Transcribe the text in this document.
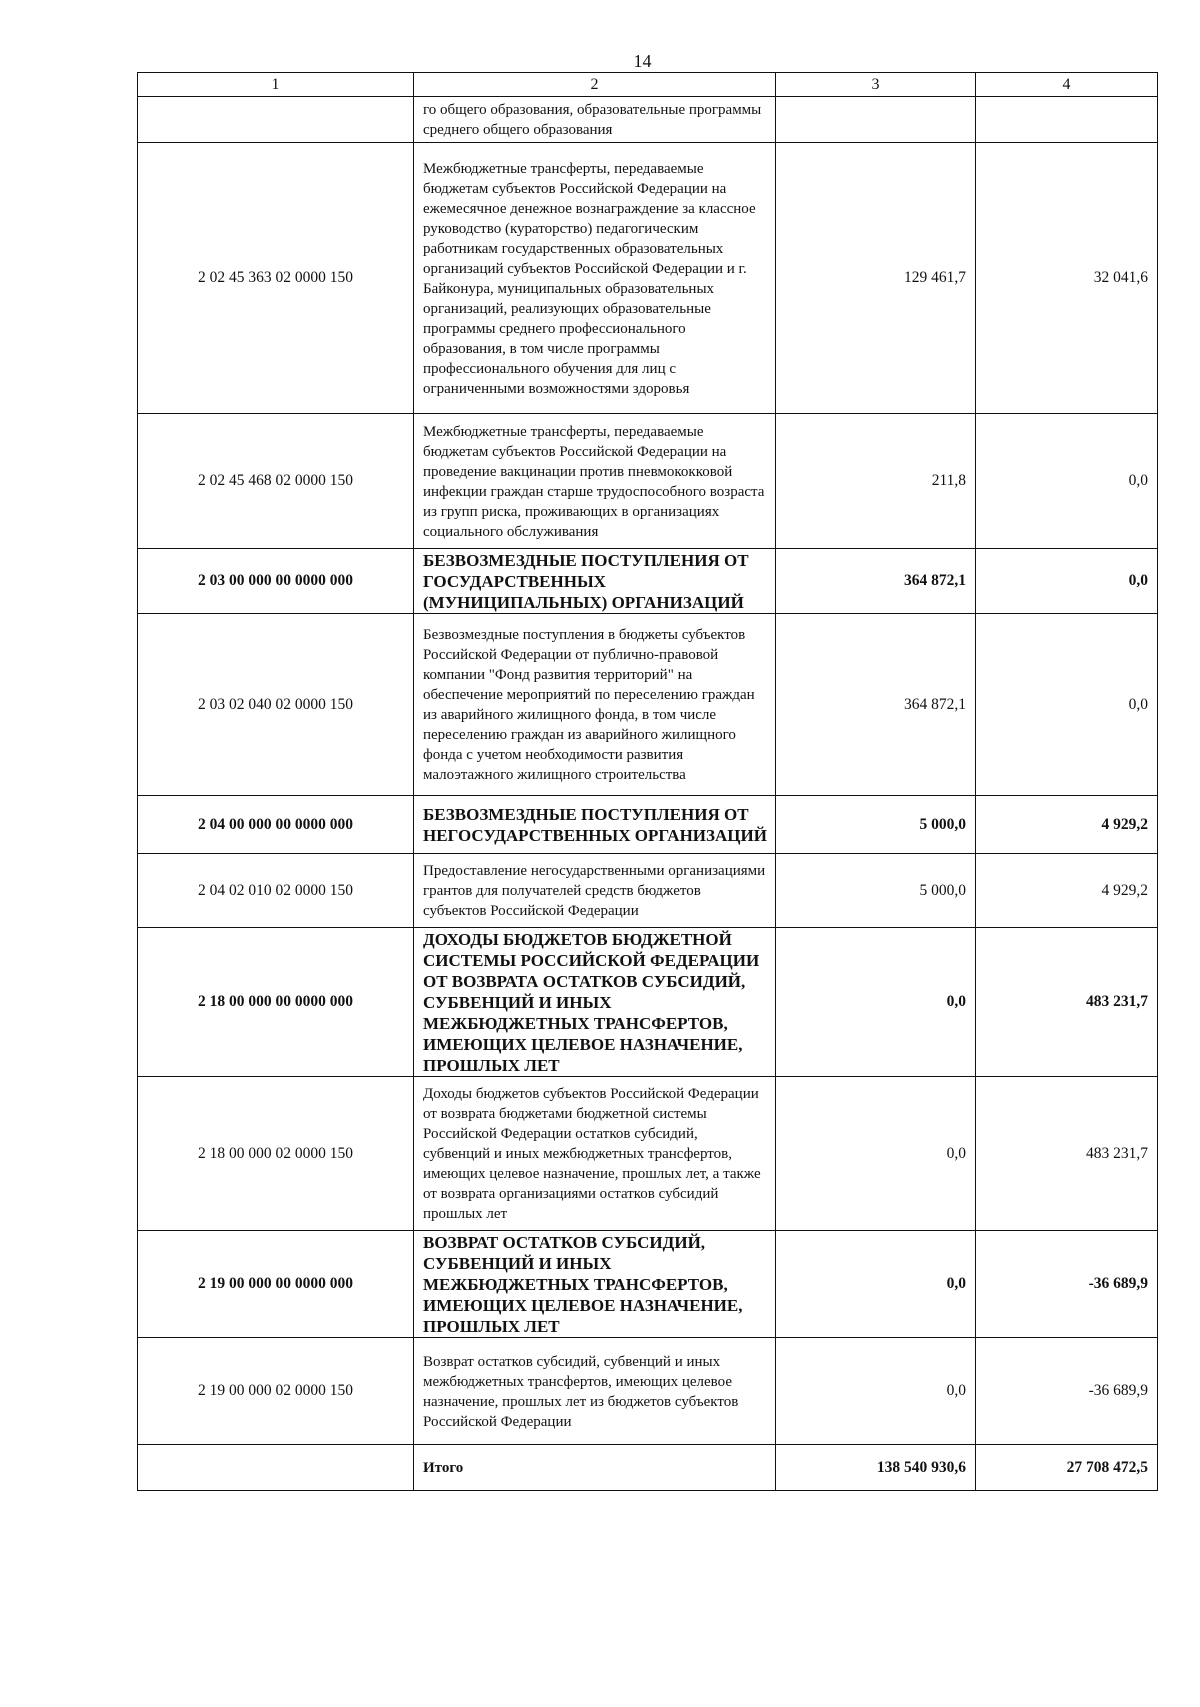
14
1	2	3	4
	го общего образования, образовательные программы среднего общего образования		
2 02 45 363 02 0000 150	Межбюджетные трансферты, передаваемые бюджетам субъектов Российской Федерации на ежемесячное денежное вознаграждение за классное руководство (кураторство) педагогическим работникам государственных образовательных организаций субъектов Российской Федерации и г. Байконура, муниципальных образовательных организаций, реализующих образовательные программы среднего профессионального образования, в том числе программы профессионального обучения для лиц с ограниченными возможностями здоровья	129 461,7	32 041,6
2 02 45 468 02 0000 150	Межбюджетные трансферты, передаваемые бюджетам субъектов Российской Федерации на проведение вакцинации против пневмококковой инфекции граждан старше трудоспособного возраста из групп риска, проживающих в организациях социального обслуживания	211,8	0,0
2 03 00 000 00 0000 000	БЕЗВОЗМЕЗДНЫЕ ПОСТУПЛЕНИЯ ОТ ГОСУДАРСТВЕННЫХ (МУНИЦИПАЛЬНЫХ) ОРГАНИЗАЦИЙ	364 872,1	0,0
2 03 02 040 02 0000 150	Безвозмездные поступления в бюджеты субъектов Российской Федерации от публично-правовой компании "Фонд развития территорий" на обеспечение мероприятий по переселению граждан из аварийного жилищного фонда, в том числе переселению граждан из аварийного жилищного фонда с учетом необходимости развития малоэтажного жилищного строительства	364 872,1	0,0
2 04 00 000 00 0000 000	БЕЗВОЗМЕЗДНЫЕ ПОСТУПЛЕНИЯ ОТ НЕГОСУДАРСТВЕННЫХ ОРГАНИЗАЦИЙ	5 000,0	4 929,2
2 04 02 010 02 0000 150	Предоставление негосударственными организациями грантов для получателей средств бюджетов субъектов Российской Федерации	5 000,0	4 929,2
2 18 00 000 00 0000 000	ДОХОДЫ БЮДЖЕТОВ БЮДЖЕТНОЙ СИСТЕМЫ РОССИЙСКОЙ ФЕДЕРАЦИИ ОТ ВОЗВРАТА ОСТАТКОВ СУБСИДИЙ, СУБВЕНЦИЙ И ИНЫХ МЕЖБЮДЖЕТНЫХ ТРАНСФЕРТОВ, ИМЕЮЩИХ ЦЕЛЕВОЕ НАЗНАЧЕНИЕ, ПРОШЛЫХ ЛЕТ	0,0	483 231,7
2 18 00 000 02 0000 150	Доходы бюджетов субъектов Российской Федерации от возврата бюджетами бюджетной системы Российской Федерации остатков субсидий, субвенций и иных межбюджетных трансфертов, имеющих целевое назначение, прошлых лет, а также от возврата организациями остатков субсидий прошлых лет	0,0	483 231,7
2 19 00 000 00 0000 000	ВОЗВРАТ ОСТАТКОВ СУБСИДИЙ, СУБВЕНЦИЙ И ИНЫХ МЕЖБЮДЖЕТНЫХ ТРАНСФЕРТОВ, ИМЕЮЩИХ ЦЕЛЕВОЕ НАЗНАЧЕНИЕ, ПРОШЛЫХ ЛЕТ	0,0	-36 689,9
2 19 00 000 02 0000 150	Возврат остатков субсидий, субвенций и иных межбюджетных трансфертов, имеющих целевое назначение, прошлых лет из бюджетов субъектов Российской Федерации	0,0	-36 689,9
	Итого	138 540 930,6	27 708 472,5
